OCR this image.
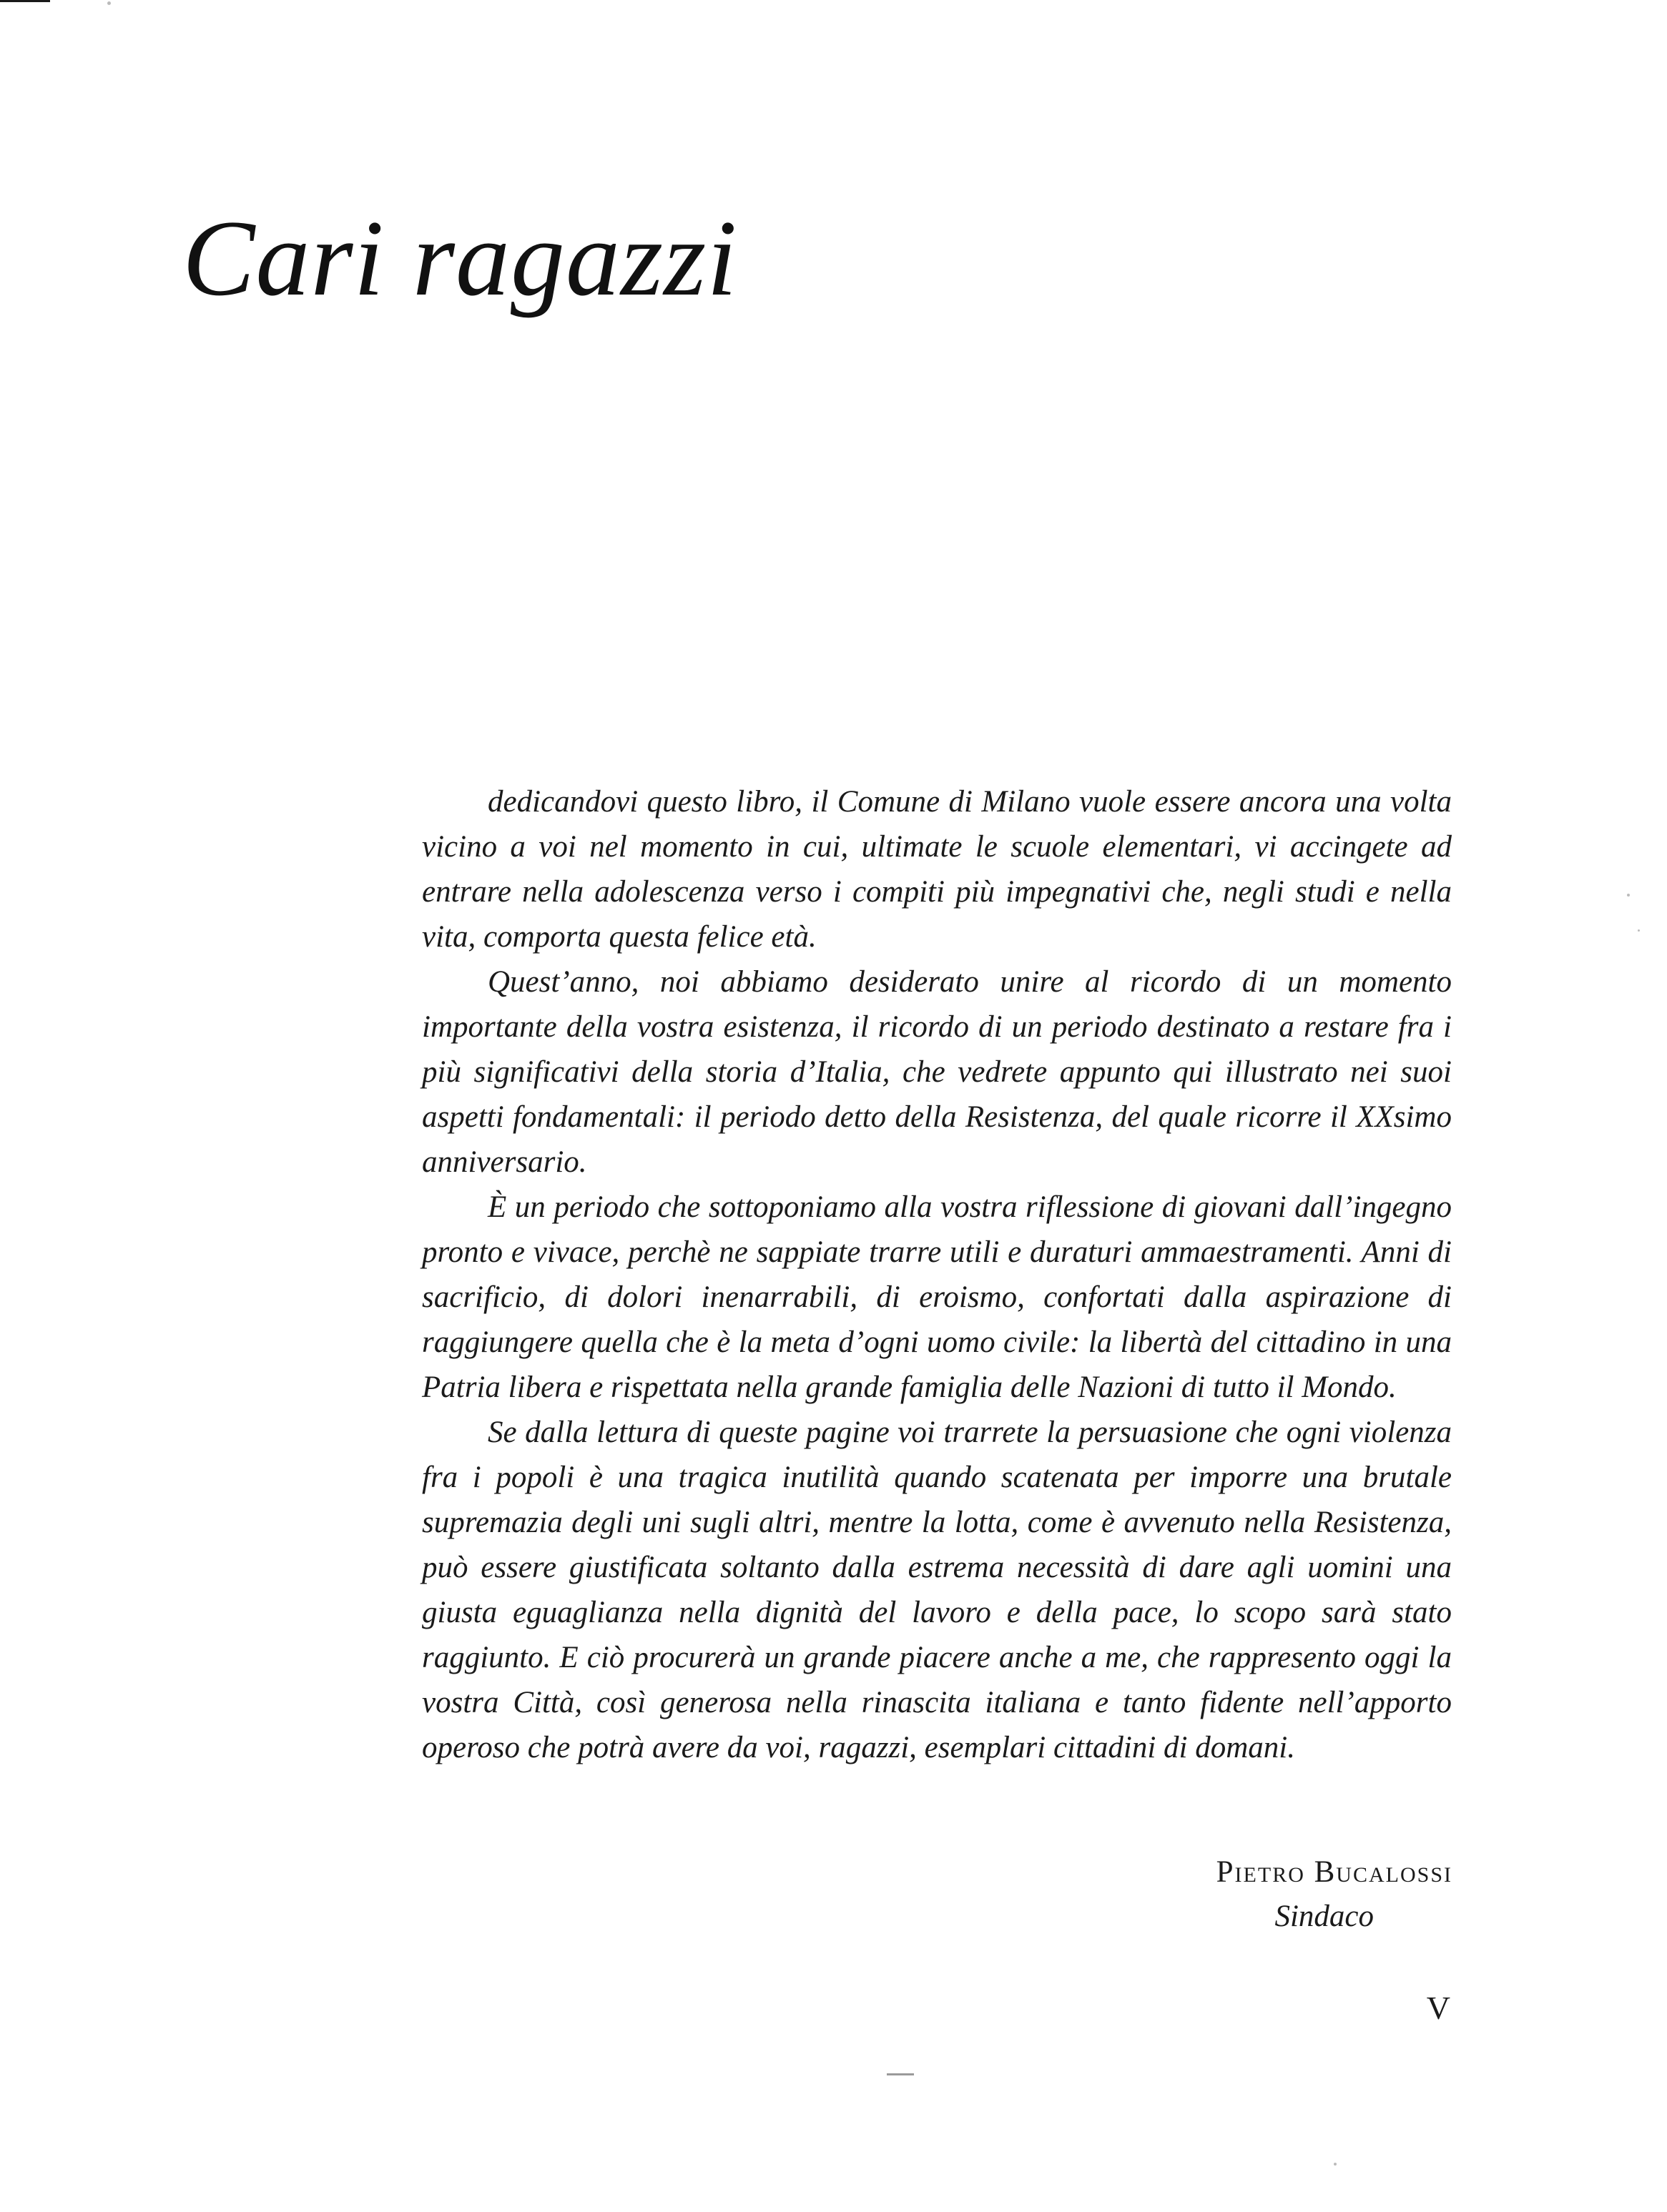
Cari ragazzi

dedicandovi questo libro, il Comune di Milano vuole essere ancora una volta vicino a voi nel momento in cui, ultimate le scuole elementari, vi accingete ad entrare nella adolescenza verso i compiti più impegnativi che, negli studi e nella vita, comporta questa felice età.

Quest’anno, noi abbiamo desiderato unire al ricordo di un momento importante della vostra esistenza, il ricordo di un periodo destinato a restare fra i più significativi della storia d’Italia, che vedrete appunto qui illustrato nei suoi aspetti fondamentali: il periodo detto della Resistenza, del quale ricorre il XXsimo anniversario.

È un periodo che sottoponiamo alla vostra riflessione di giovani dall’ingegno pronto e vivace, perchè ne sappiate trarre utili e duraturi ammaestramenti. Anni di sacrificio, di dolori inenarrabili, di eroismo, confortati dalla aspirazione di raggiungere quella che è la meta d’ogni uomo civile: la libertà del cittadino in una Patria libera e rispettata nella grande famiglia delle Nazioni di tutto il Mondo.

Se dalla lettura di queste pagine voi trarrete la persuasione che ogni violenza fra i popoli è una tragica inutilità quando scatenata per imporre una brutale supremazia degli uni sugli altri, mentre la lotta, come è avvenuto nella Resistenza, può essere giustificata soltanto dalla estrema necessità di dare agli uomini una giusta eguaglianza nella dignità del lavoro e della pace, lo scopo sarà stato raggiunto. E ciò procurerà un grande piacere anche a me, che rappresento oggi la vostra Città, così generosa nella rinascita italiana e tanto fidente nell’apporto operoso che potrà avere da voi, ragazzi, esemplari cittadini di domani.

Pietro Bucalossi
Sindaco
V
